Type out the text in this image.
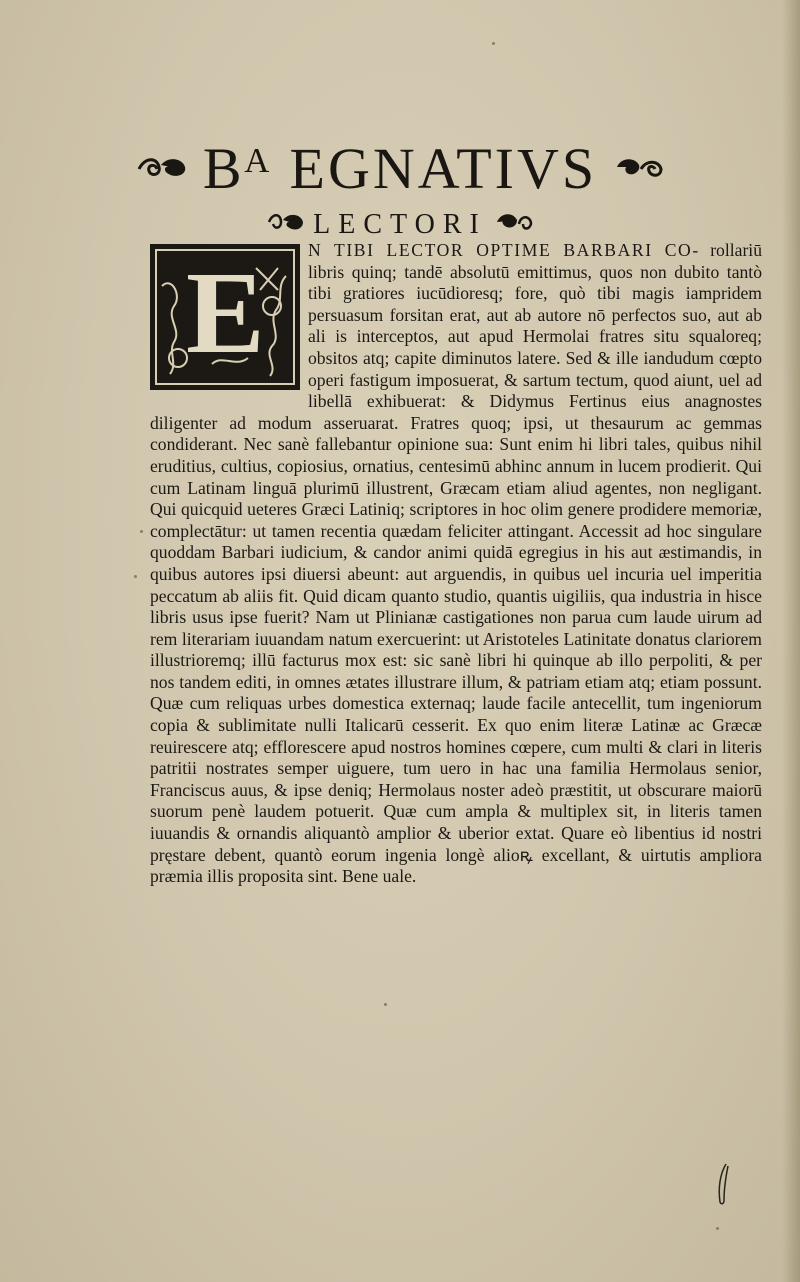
Bᴬ EGNATIVS

LECTORI
E N TIBI LECTOR OPTIME BARBARI CO- rollariū libris quinq; tandē absolutū emittimus, quos non dubito tantò tibi gratiores iucūdioresq; fore, quò tibi magis iampridem persuasum forsitan erat, aut ab autore nō perfectos suo, aut ab ali is interceptos, aut apud Hermolai fratres situ squaloreq; obsitos atq; capite diminutos latere. Sed & ille iandudum cœpto operi fastigum imposuerat, & sartum tectum, quod aiunt, uel ad libellā exhibuerat: & Didymus Fertinus eius anagnostes diligenter ad modum asseruarat. Fratres quoq; ipsi, ut thesaurum ac gemmas condiderant. Nec sanè fallebantur opinione sua: Sunt enim hi libri tales, quibus nihil eruditius, cultius, copiosius, ornatius, centesimū abhinc annum in lucem prodierit. Qui cum Latinam linguā plurimū illustrent, Græcam etiam aliud agentes, non negligant. Qui quicquid ueteres Græci Latiniq; scriptores in hoc olim genere prodidere memoriæ, complectātur: ut tamen recentia quædam feliciter attingant. Accessit ad hoc singulare quoddam Barbari iudicium, & candor animi quidā egregius in his aut æstimandis, in quibus autores ipsi diuersi abeunt: aut arguendis, in quibus uel incuria uel imperitia peccatum ab aliis fit. Quid dicam quanto studio, quantis uigiliis, qua industria in hisce libris usus ipse fuerit? Nam ut Plinianæ castigationes non parua cum laude uirum ad rem literariam iuuandam natum exercuerint: ut Aristoteles Latinitate donatus clariorem illustrioremq; illū facturus mox est: sic sanè libri hi quinque ab illo perpoliti, & per nos tandem editi, in omnes ætates illustrare illum, & patriam etiam atq; etiam possunt. Quæ cum reliquas urbes domestica externaq; laude facile antecellit, tum ingeniorum copia & sublimitate nulli Italicarū cesserit. Ex quo enim literæ Latinæ ac Græcæ reuirescere atq; efflorescere apud nostros homines cœpere, cum multi & clari in literis patritii nostrates semper uiguere, tum uero in hac una familia Hermolaus senior, Franciscus auus, & ipse deniq; Hermolaus noster adeò præstitit, ut obscurare maiorū suorum penè laudem potuerit. Quæ cum ampla & multiplex sit, in literis tamen iuuandis & ornandis aliquantò amplior & uberior extat. Quare eò libentius id nostri pręstare debent, quantò eorum ingenia longè alioꝶ excellant, & uirtutis ampliora præmia illis proposita sint. Bene uale.
